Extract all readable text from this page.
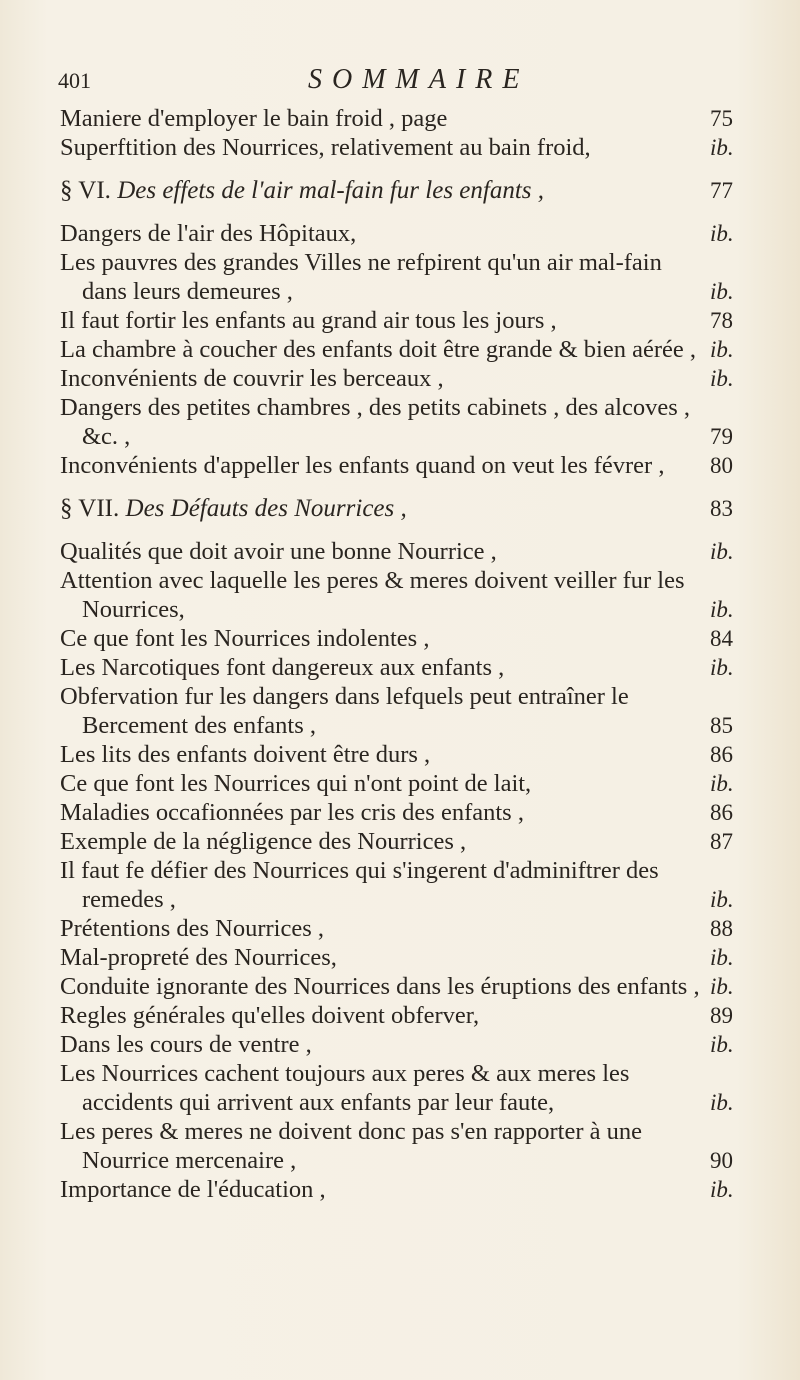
401	SOMMAIRE
Maniere d'employer le bain froid , page	75
Superftition des Nourrices, relativement au bain froid,	ib.
§ VI. Des effets de l'air mal-fain fur les enfants ,	77
Dangers de l'air des Hôpitaux,	ib.
Les pauvres des grandes Villes ne refpirent qu'un air mal-fain dans leurs demeures ,	ib.
Il faut fortir les enfants au grand air tous les jours ,	78
La chambre à coucher des enfants doit être grande & bien aérée , ib.
Inconvénients de couvrir les berceaux ,	ib.
Dangers des petites chambres , des petits cabinets , des alcoves , &c. ,	79
Inconvénients d'appeller les enfants quand on veut les févrer ,	80
§ VII. Des Défauts des Nourrices ,	83
Qualités que doit avoir une bonne Nourrice ,	ib.
Attention avec laquelle les peres & meres doivent veiller fur les Nourrices,	ib.
Ce que font les Nourrices indolentes ,	84
Les Narcotiques font dangereux aux enfants ,	ib.
Obfervation fur les dangers dans lefquels peut entraîner le Bercement des enfants ,	85
Les lits des enfants doivent être durs ,	86
Ce que font les Nourrices qui n'ont point de lait,	ib.
Maladies occafionnées par les cris des enfants ,	86
Exemple de la négligence des Nourrices ,	87
Il faut fe défier des Nourrices qui s'ingerent d'adminiftrer des remedes ,	ib.
Prétentions des Nourrices ,	88
Mal-propreté des Nourrices,	ib.
Conduite ignorante des Nourrices dans les éruptions des enfants , ib.
Regles générales qu'elles doivent obferver,	89
Dans les cours de ventre ,	ib.
Les Nourrices cachent toujours aux peres & aux meres les accidents qui arrivent aux enfants par leur faute,	ib.
Les peres & meres ne doivent donc pas s'en rapporter à une Nourrice mercenaire ,	90
Importance de l'éducation ,	ib.
